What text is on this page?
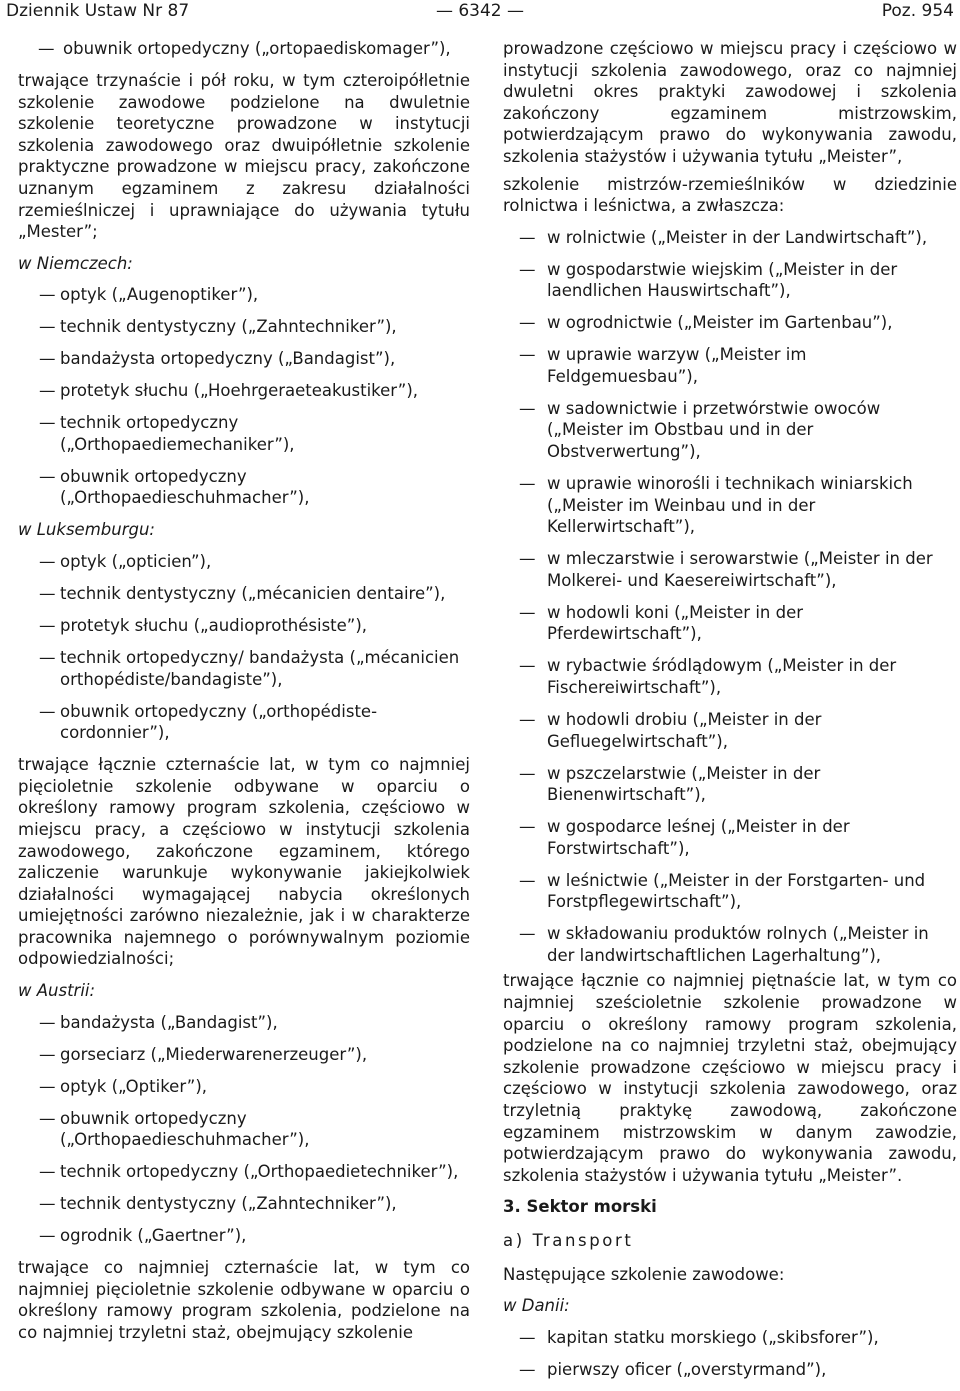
Dziennik Ustaw Nr 87	— 6342 —	Poz. 954

— obuwnik ortopedyczny („ortopaediskomager”),

trwające trzynaście i pół roku, w tym czteroipółletnie szkolenie zawodowe podzielone na dwuletnie szkolenie teoretyczne prowadzone w instytucji szkolenia zawodowego oraz dwuipółletnie szkolenie praktyczne prowadzone w miejscu pracy, zakończone uznanym egzaminem z zakresu działalności rzemieślniczej i uprawniające do używania tytułu „Mester”;

w Niemczech:

— optyk („Augenoptiker”),

— technik dentystyczny („Zahntechniker”),

— bandażysta ortopedyczny („Bandagist”),

— protetyk słuchu („Hoehrgeraeteakustiker”),

— technik ortopedyczny („Orthopaediemechaniker”),

— obuwnik ortopedyczny („Orthopaedieschuhmacher”),

w Luksemburgu:

— optyk („opticien”),

— technik dentystyczny („mécanicien dentaire”),

— protetyk słuchu („audioprothésiste”),

— technik ortopedyczny/ bandażysta („mécanicien orthopédiste/bandagiste”),

— obuwnik ortopedyczny („orthopédiste-cordonnier”),

trwające łącznie czternaście lat, w tym co najmniej pięcioletnie szkolenie odbywane w oparciu o określony ramowy program szkolenia, częściowo w miejscu pracy, a częściowo w instytucji szkolenia zawodowego, zakończone egzaminem, którego zaliczenie warunkuje wykonywanie jakiejkolwiek działalności wymagającej nabycia określonych umiejętności zarówno niezależnie, jak i w charakterze pracownika najemnego o porównywalnym poziomie odpowiedzialności;

w Austrii:

— bandażysta („Bandagist”),

— gorseciarz („Miederwarenerzeuger”),

— optyk („Optiker”),

— obuwnik ortopedyczny („Orthopaedieschuhmacher”),

— technik ortopedyczny („Orthopaedietechniker”),

— technik dentystyczny („Zahntechniker”),

— ogrodnik („Gaertner”),

trwające co najmniej czternaście lat, w tym co najmniej pięcioletnie szkolenie odbywane w oparciu o określony ramowy program szkolenia, podzielone na co najmniej trzyletni staż, obejmujący szkolenie

prowadzone częściowo w miejscu pracy i częściowo w instytucji szkolenia zawodowego, oraz co najmniej dwuletni okres praktyki zawodowej i szkolenia zakończony egzaminem mistrzowskim, potwierdzającym prawo do wykonywania zawodu, szkolenia stażystów i używania tytułu „Meister”,

szkolenie mistrzów-rzemieślników w dziedzinie rolnictwa i leśnictwa, a zwłaszcza:

— w rolnictwie („Meister in der Landwirtschaft”),

— w gospodarstwie wiejskim („Meister in der laendlichen Hauswirtschaft”),

— w ogrodnictwie („Meister im Gartenbau”),

— w uprawie warzyw („Meister im Feldgemuesbau”),

— w sadownictwie i przetwórstwie owoców („Meister im Obstbau und in der Obstverwertung”),

— w uprawie winorośli i technikach winiarskich („Meister im Weinbau und in der Kellerwirtschaft”),

— w mleczarstwie i serowarstwie („Meister in der Molkerei- und Kaesereiwirtschaft”),

— w hodowli koni („Meister in der Pferdewirtschaft”),

— w rybactwie śródlądowym („Meister in der Fischereiwirtschaft”),

— w hodowli drobiu („Meister in der Gefluegelwirtschaft”),

— w pszczelarstwie („Meister in der Bienenwirtschaft”),

— w gospodarce leśnej („Meister in der Forstwirtschaft”),

— w leśnictwie („Meister in der Forstgarten- und Forstpflegewirtschaft”),

— w składowaniu produktów rolnych („Meister in der landwirtschaftlichen Lagerhaltung”),

trwające łącznie co najmniej piętnaście lat, w tym co najmniej sześcioletnie szkolenie prowadzone w oparciu o określony ramowy program szkolenia, podzielone na co najmniej trzyletni staż, obejmujący szkolenie prowadzone częściowo w miejscu pracy i częściowo w instytucji szkolenia zawodowego, oraz trzyletnią praktykę zawodową, zakończone egzaminem mistrzowskim w danym zawodzie, potwierdzającym prawo do wykonywania zawodu, szkolenia stażystów i używania tytułu „Meister”.

3. Sektor morski

a) Transport

Następujące szkolenie zawodowe:

w Danii:

— kapitan statku morskiego („skibsforer”),

— pierwszy oficer („overstyrmand”),
